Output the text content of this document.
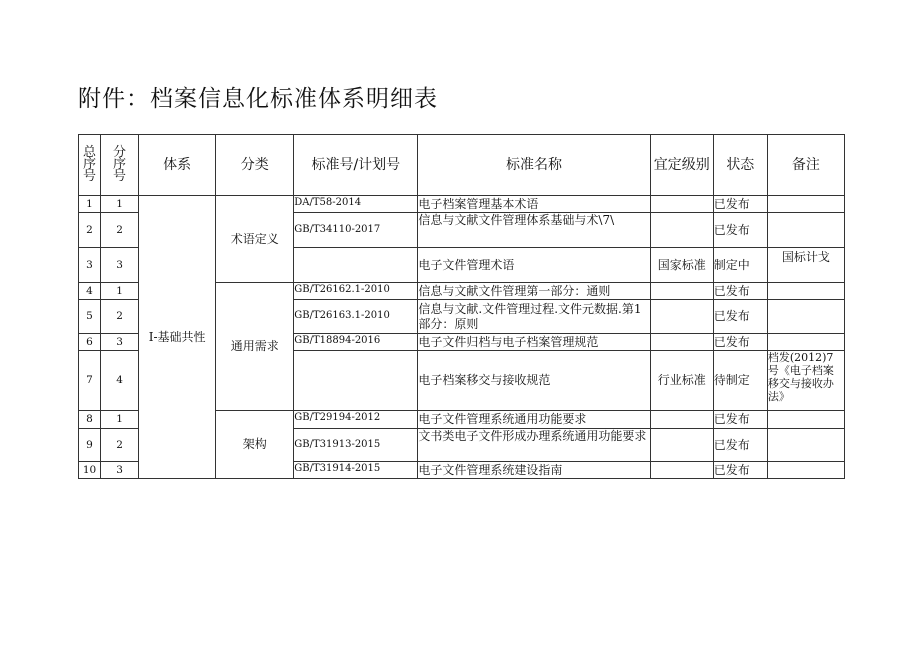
附件：档案信息化标准体系明细表
总序号	分序号	体系	分类	标准号/计划号	标准名称	宜定级别	状态	备注
1	1	I-基础共性	术语定义	DA/T58-2014	电子档案管理基本术语		已发布	
2	2			GB/T34110-2017	信息与文献文件管理体系基础与术\7\		已发布	
3	3				电子文件管理术语	国家标准	制定中	国标计戈
4	1		通用需求	GB/T26162.1-2010	信息与文献文件管理第一部分：通则		已发布	
5	2			GB/T26163.1-2010	信息与文献.文件管理过程.文件元数据.第1部分：原则		已发布	
6	3			GB/T18894-2016	电子文件归档与电子档案管理规范		已发布	
7	4				电子档案移交与接收规范	行业标准	待制定	档发(2012)7号《电子档案移交与接收办法》
8	1		架构	GB/T29194-2012	电子文件管理系统通用功能要求		已发布	
9	2			GB/T31913-2015	文书类电子文件形成办理系统通用功能要求		已发布	
10	3			GB/T31914-2015	电子文件管理系统建设指南		已发布	
